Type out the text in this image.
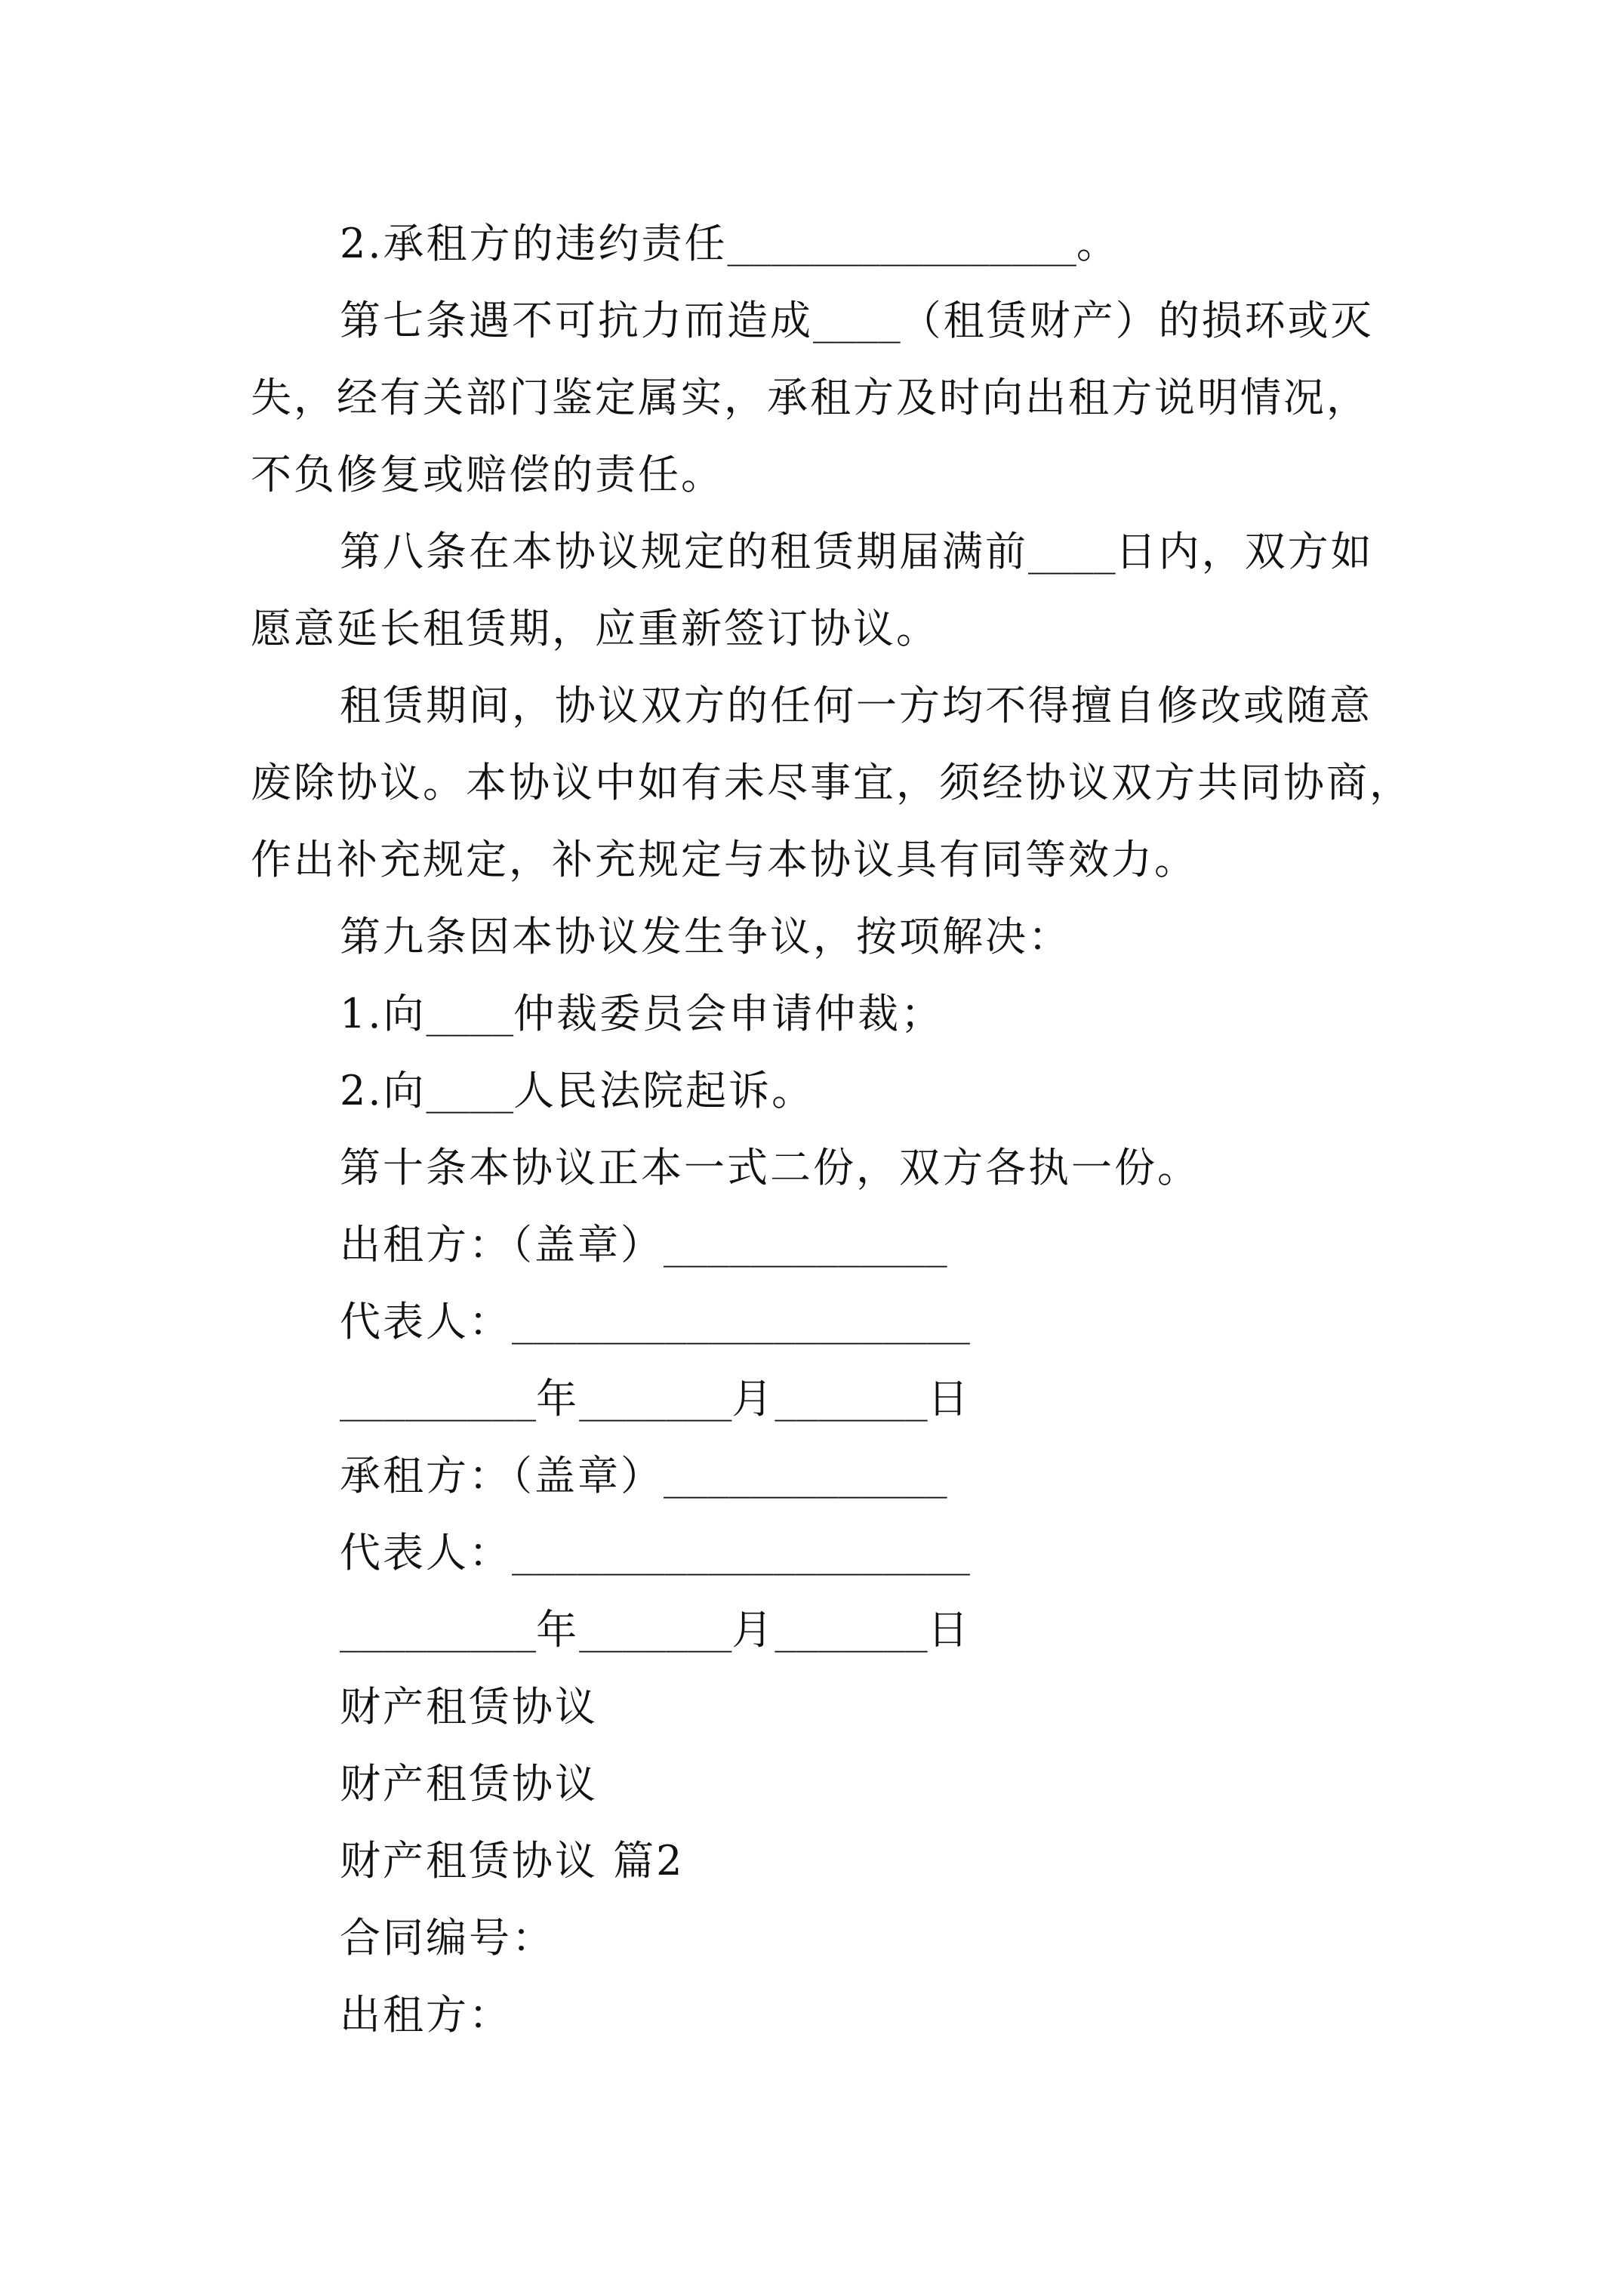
2.承租方的违约责任________________。
第七条遇不可抗力而造成____（租赁财产）的损环或灭
失，经有关部门鉴定属实，承租方及时向出租方说明情况，
不负修复或赔偿的责任。
第八条在本协议规定的租赁期届满前____日内，双方如
愿意延长租赁期，应重新签订协议。
租赁期间，协议双方的任何一方均不得擅自修改或随意
废除协议。本协议中如有未尽事宜，须经协议双方共同协商，
作出补充规定，补充规定与本协议具有同等效力。
第九条因本协议发生争议，按项解决：
1.向____仲裁委员会申请仲裁；
2.向____人民法院起诉。
第十条本协议正本一式二份，双方各执一份。
出租方：（盖章）_____________
代表人：_____________________
_________年_______月_______日
承租方：（盖章）_____________
代表人：_____________________
_________年_______月_______日
财产租赁协议
财产租赁协议
财产租赁协议 篇2
合同编号：
出租方：
